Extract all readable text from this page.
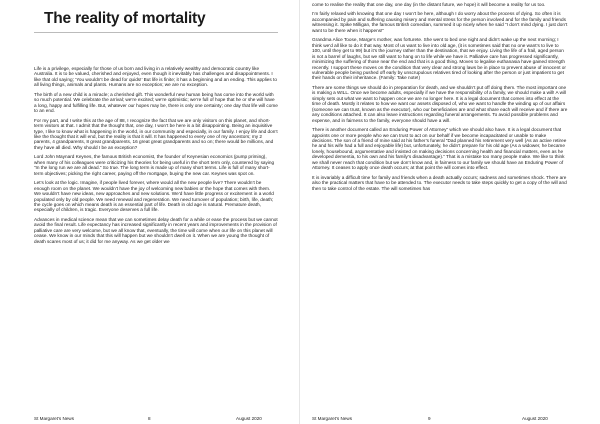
The reality of mortality

Life is a privilege, especially for those of us born and living in a relatively wealthy and democratic country like Australia. It is to be valued, cherished and enjoyed, even though it inevitably has challenges and disappointments. I like that old saying; ‘You wouldn’t be dead for quids!’ But life is finite; it has a beginning and an ending. This applies to all living things, animals and plants. Humans are no exception; we are no exception.

The birth of a new child is a miracle; a cherished gift. This wonderful new human being has come into the world with so much potential. We celebrate the arrival; we’re excited; we’re optimistic; we’re full of hope that he or she will have a long, happy and fulfilling life. But, whatever our hopes may be, there is only one certainty; one day that life will come to an end.

For my part, and I write this at the age of 88, I recognize the fact that we are only visitors on this planet, and short-term visitors at that. I admit that the thought that, one day, I won’t be here is a bit disappointing. Being an inquisitive type, I like to know what is happening in the world, in our community and especially, in our family. I enjoy life and don’t like the thought that it will end, but the reality is that it will. It has happened to every one of my ancestors; my 2 parents, 4 grandparents, 8 great grandparents, 16 great great grandparents and so on; there would be millions, and they have all died. Why should I be an exception?

Lord John Maynard Keynes, the famous British economist, the founder of Keynesian economics (pump priming), when many of his colleagues were criticizing his theories for being useful in the short term only, countered by saying “In the long run we are all dead.” So true. The long term is made up of many short terms. Life is full of many short-term objectives; picking the right career, paying off the mortgage, buying the new car. Keynes was spot on.

Let’s look at the logic. Imagine, if people lived forever, where would all the new people live? There wouldn’t be enough room on the planet. We wouldn’t have the joy of welcoming new babies or the hope that comes with them. We wouldn’t have new ideas, new approaches and new solutions. We’d have little progress or excitement in a world populated only by old people. We need renewal and regeneration. We need turnover of population; birth, life, death; the cycle goes on which means death is an essential part of life. Death in old age is natural. Premature death, especially of children, is tragic. Everyone deserves a full life.

Advances in medical science mean that we can sometimes delay death for a while or ease the process but we cannot avoid the final result. Life expectancy has increased significantly in recent years and improvements in the provision of palliative care are very welcome, but we all know that, eventually, the time will come when our life on this planet will cease. We know in our minds that this will happen but we shouldn’t dwell on it. When we are young the thought of death scares most of us; it did for me anyway. As we get older we

St Margaret’s News	8	August 2020

come to realise the reality that one day, one day (in the distant future, we hope) it will become a reality for us too.

I’m fairly relaxed with knowing that one day I won’t be here, although I do worry about the process of dying. So often it is accompanied by pain and suffering causing misery and mental stress for the person involved and for the family and friends witnessing it. Spike Milligan, the famous British comedian, summed it up nicely when he said “I don’t mind dying. I just don’t want to be there when it happens!”

Grandma Alice Toose, Marge’s mother, was forturete. She went to bed one night and didn’t wake up the next morning; I think we’d all like to do it that way. Most of us want to live into old age, (it is sometimes said that no one want’s to live to 100, until they get to 99) but it’s the journey rather than the destination, that we enjoy. Living the life of a frail, aged person is not a barrel of laughs, but we still want to hang on to life while we have it. Palliative care has progressed significantly, minimizing the suffering of those near the end and that is a good thing. Moves to legalise euthanasia have gained strength recently. I support these moves on the condition that very clear and strong laws be in place to prevent abuse of innocent or vulnerable people being pushed off early by unscrupulous relatives tired of looking after the person or just impatient to get their hands on their inheritance. (Family: Take note!)

There are some things we should do in preparation for death, and we shouldn’t put off doing them. The most important one is making a WILL. Once we become adults, especially if we have the responsibility of a family, we should make a will! A will simply sets out what we want to happen once we are no longer here. It is a legal document that comes into effect at the time of death. Mostly it relates to how we want our assets disposed of, who we want to handle the winding up of our affairs (someone we can trust, known as the executor), who our beneficiaries are and what share each will receive and if there are any conditions attached. It can also leave instructions regarding funeral arrangements. To avoid possible problems and expense, and in fairness to the family, everyone should have a will.

There is another document called an Enduring Power of Attorney” which we should also have. It is a legal document that appoints one or more people who we can trust to act on our behalf if we become incapacitated or unable to make decisions. The son of a friend of mine said at his father’s funeral “Dad planned his retirement very well (As an active retiree he and his wife had a full and enjoyable life) but, unfortunately, he didn’t prepare for his old age (As a widower, he became lonely, housebound, argumentative and insisted on making decisions concerning health and financial matters, even as he developed dementia, to his own and his family’s disadvantage).” That is a mistake too many people make. We like to think we shall never reach that condition but we don’t know and, in fairness to our family we should have an Enduring Power of Attorney. It ceases to apply once death occurs; at that point the will comes into effect.

It is invariably a difficult time for family and friends when a death actually occurs; sadness and sometimes shock. There are also the practical matters that have to be attended to. The executor needs to take steps quickly to get a copy of the will and then to take control of the estate. The will sometimes has

St Margaret’s News	9	August 2020
